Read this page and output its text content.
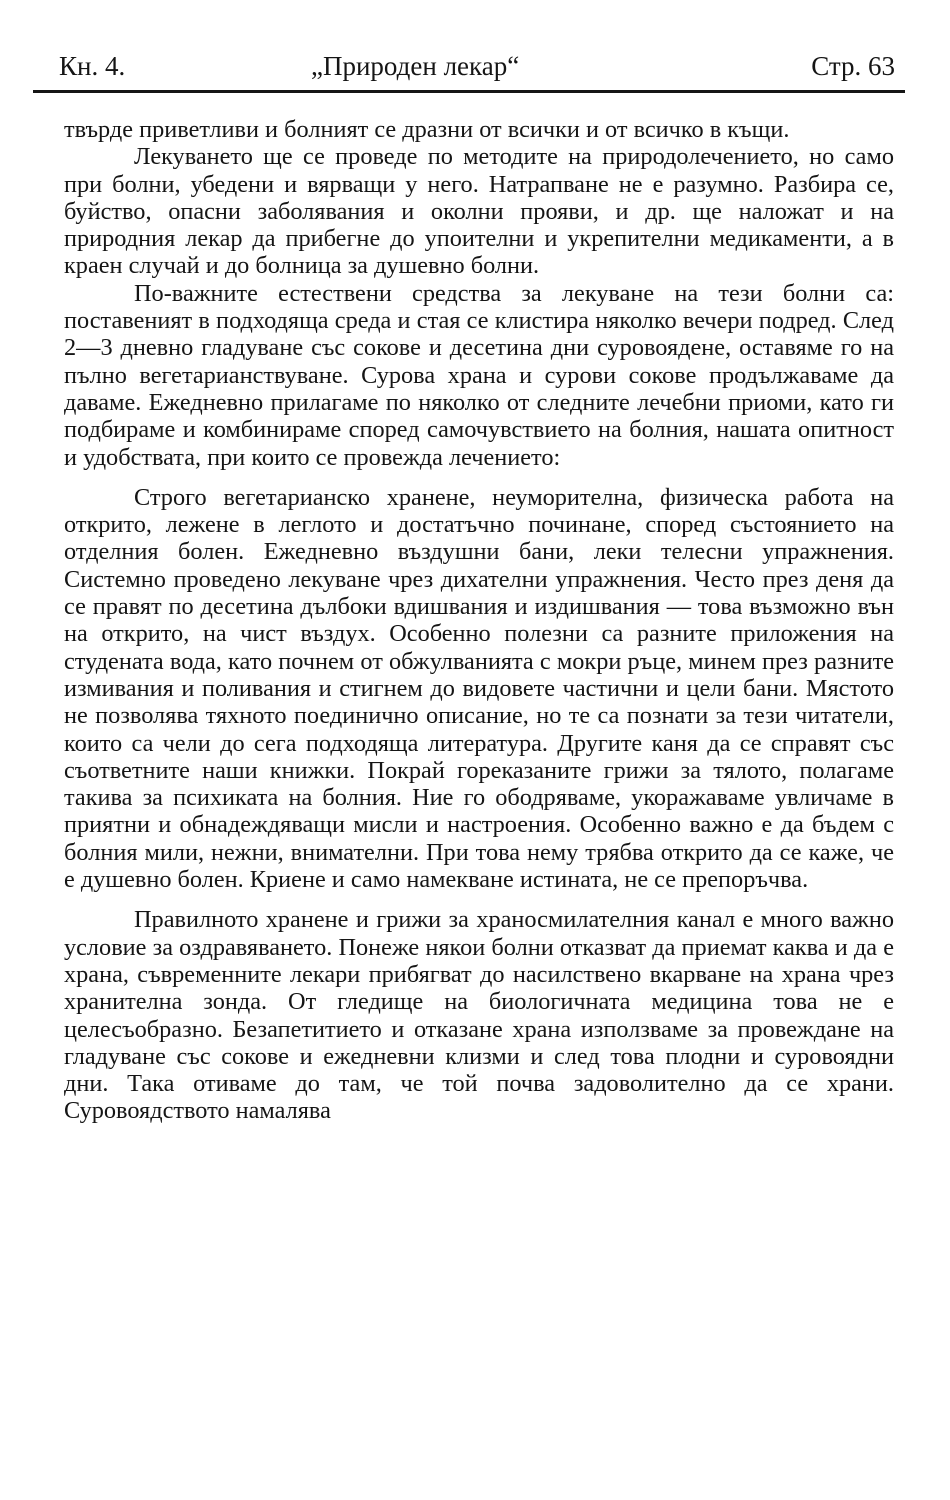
Кн. 4.	„Природен лекар“	Стр. 63

твърде приветливи и болният се дразни от всички и от всичко в къщи.

Лекуването ще се проведе по методите на природолечението, но само при болни, убедени и вярващи у него. Натрапване не е разумно. Разбира се, буйство, опасни заболявания и околни прояви, и др. ще наложат и на природния лекар да прибегне до упоителни и укрепителни медикаменти, а в краен случай и до болница за душевно болни.

По-важните естествени средства за лекуване на тези болни са: поставеният в подходяща среда и стая се клистира няколко вечери подред. След 2—3 дневно гладуване със сокове и десетина дни суровоядене, оставяме го на пълно вегетарианствуване. Сурова храна и сурови сокове продължаваме да даваме. Ежедневно прилагаме по няколко от следните лечебни приоми, като ги подбираме и комбинираме според самочувствието на болния, нашата опитност и удобствата, при които се провежда лечението:

Строго вегетарианско хранене, неуморителна, физическа работа на открито, лежене в леглото и достатъчно починане, според състоянието на отделния болен. Ежедневно въздушни бани, леки телесни упражнения. Системно проведено лекуване чрез дихателни упражнения. Често през деня да се правят по десетина дълбоки вдишвания и издишвания — това възможно вън на открито, на чист въздух. Особенно полезни са разните приложения на студената вода, като почнем от обжулванията с мокри ръце, минем през разните измивания и поливания и стигнем до видовете частични и цели бани. Мястото не позволява тяхното поединично описание, но те са познати за тези читатели, които са чели до сега подходяща литература. Другите каня да се справят със съответните наши книжки. Покрай гореказаните грижи за тялото, полагаме такива за психиката на болния. Ние го ободряваме, укоражаваме увличаме в приятни и обнадеждяващи мисли и настроения. Особенно важно е да бъдем с болния мили, нежни, внимателни. При това нему трябва открито да се каже, че е душевно болен. Криене и само намекване истината, не се препоръчва.

Правилното хранене и грижи за храносмилателния канал е много важно условие за оздравяването. Понеже някои болни отказват да приемат каква и да е храна, съвременните лекари прибягват до насилствено вкарване на храна чрез хранителна зонда. От гледище на биологичната медицина това не е целесъобразно. Безапетитието и отказане храна използваме за провеждане на гладуване със сокове и ежедневни клизми и след това плодни и суровоядни дни. Така отиваме до там, че той почва задоволително да се храни. Суровоядството намалява
